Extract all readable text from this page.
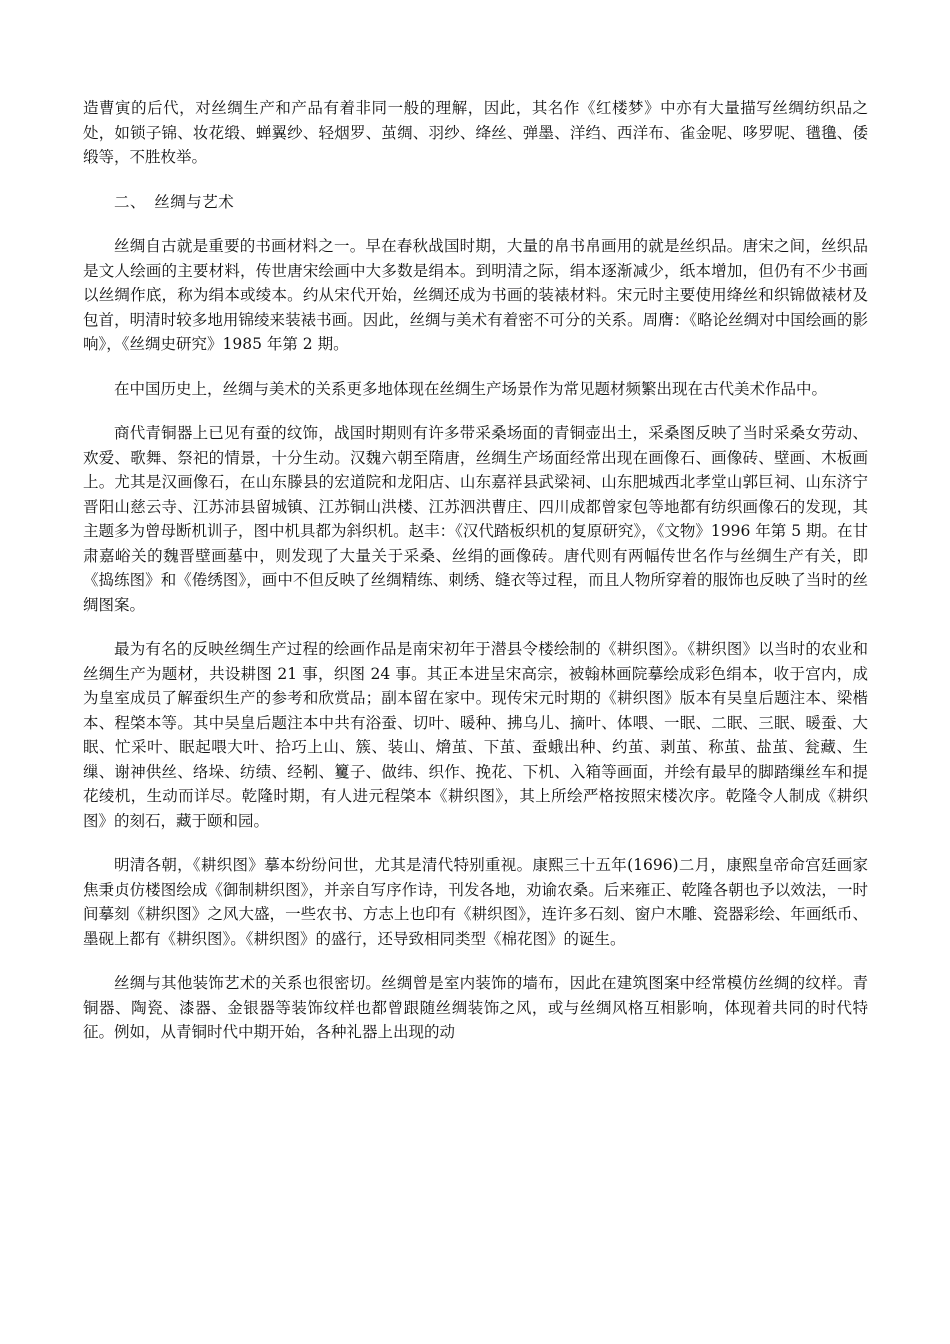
造曹寅的后代，对丝绸生产和产品有着非同一般的理解，因此，其名作《红楼梦》中亦有大量描写丝绸纺织品之处，如锁子锦、妆花缎、蝉翼纱、轻烟罗、茧绸、羽纱、绛丝、弹墨、洋绉、西洋布、雀金呢、哆罗呢、氆氇、倭缎等，不胜枚举。

二、　丝绸与艺术

丝绸自古就是重要的书画材料之一。早在春秋战国时期，大量的帛书帛画用的就是丝织品。唐宋之间，丝织品是文人绘画的主要材料，传世唐宋绘画中大多数是绢本。到明清之际，绢本逐渐减少，纸本增加，但仍有不少书画以丝绸作底，称为绢本或绫本。约从宋代开始，丝绸还成为书画的装裱材料。宋元时主要使用绛丝和织锦做裱材及包首，明清时较多地用锦绫来装裱书画。因此，丝绸与美术有着密不可分的关系。周膺：《略论丝绸对中国绘画的影响》，《丝绸史研究》1985 年第 2 期。

在中国历史上，丝绸与美术的关系更多地体现在丝绸生产场景作为常见题材频繁出现在古代美术作品中。

商代青铜器上已见有蚕的纹饰，战国时期则有许多带采桑场面的青铜壶出土，采桑图反映了当时采桑女劳动、欢爱、歌舞、祭祀的情景，十分生动。汉魏六朝至隋唐，丝绸生产场面经常出现在画像石、画像砖、壁画、木板画上。尤其是汉画像石，在山东滕县的宏道院和龙阳店、山东嘉祥县武梁祠、山东肥城西北孝堂山郭巨祠、山东济宁晋阳山慈云寺、江苏沛县留城镇、江苏铜山洪楼、江苏泗洪曹庄、四川成都曾家包等地都有纺织画像石的发现，其主题多为曾母断机训子，图中机具都为斜织机。赵丰：《汉代踏板织机的复原研究》，《文物》1996 年第 5 期。在甘肃嘉峪关的魏晋壁画墓中，则发现了大量关于采桑、丝绢的画像砖。唐代则有两幅传世名作与丝绸生产有关，即《捣练图》和《倦绣图》，画中不但反映了丝绸精练、刺绣、缝衣等过程，而且人物所穿着的服饰也反映了当时的丝绸图案。

最为有名的反映丝绸生产过程的绘画作品是南宋初年于潜县令楼绘制的《耕织图》。《耕织图》以当时的农业和丝绸生产为题材，共设耕图 21 事，织图 24 事。其正本进呈宋高宗，被翰林画院摹绘成彩色绢本，收于宫内，成为皇室成员了解蚕织生产的参考和欣赏品；副本留在家中。现传宋元时期的《耕织图》版本有吴皇后题注本、梁楷本、程棨本等。其中吴皇后题注本中共有浴蚕、切叶、暖种、拂乌儿、摘叶、体喂、一眠、二眠、三眠、暖蚕、大眠、忙采叶、眠起喂大叶、拾巧上山、簇、装山、熁茧、下茧、蚕蛾出种、约茧、剥茧、称茧、盐茧、瓮藏、生缫、谢神供丝、络垛、纺绩、经靷、籰子、做纬、织作、挽花、下机、入箱等画面，并绘有最早的脚踏缫丝车和提花绫机，生动而详尽。乾隆时期，有人进元程棨本《耕织图》，其上所绘严格按照宋楼次序。乾隆令人制成《耕织图》的刻石，藏于颐和园。

明清各朝，《耕织图》摹本纷纷问世，尤其是清代特别重视。康熙三十五年(1696)二月，康熙皇帝命宫廷画家焦秉贞仿楼图绘成《御制耕织图》，并亲自写序作诗，刊发各地，劝谕农桑。后来雍正、乾隆各朝也予以效法，一时间摹刻《耕织图》之风大盛，一些农书、方志上也印有《耕织图》，连许多石刻、窗户木雕、瓷器彩绘、年画纸币、墨砚上都有《耕织图》。《耕织图》的盛行，还导致相同类型《棉花图》的诞生。

丝绸与其他装饰艺术的关系也很密切。丝绸曾是室内装饰的墙布，因此在建筑图案中经常模仿丝绸的纹样。青铜器、陶瓷、漆器、金银器等装饰纹样也都曾跟随丝绸装饰之风，或与丝绸风格互相影响，体现着共同的时代特征。例如，从青铜时代中期开始，各种礼器上出现的动
